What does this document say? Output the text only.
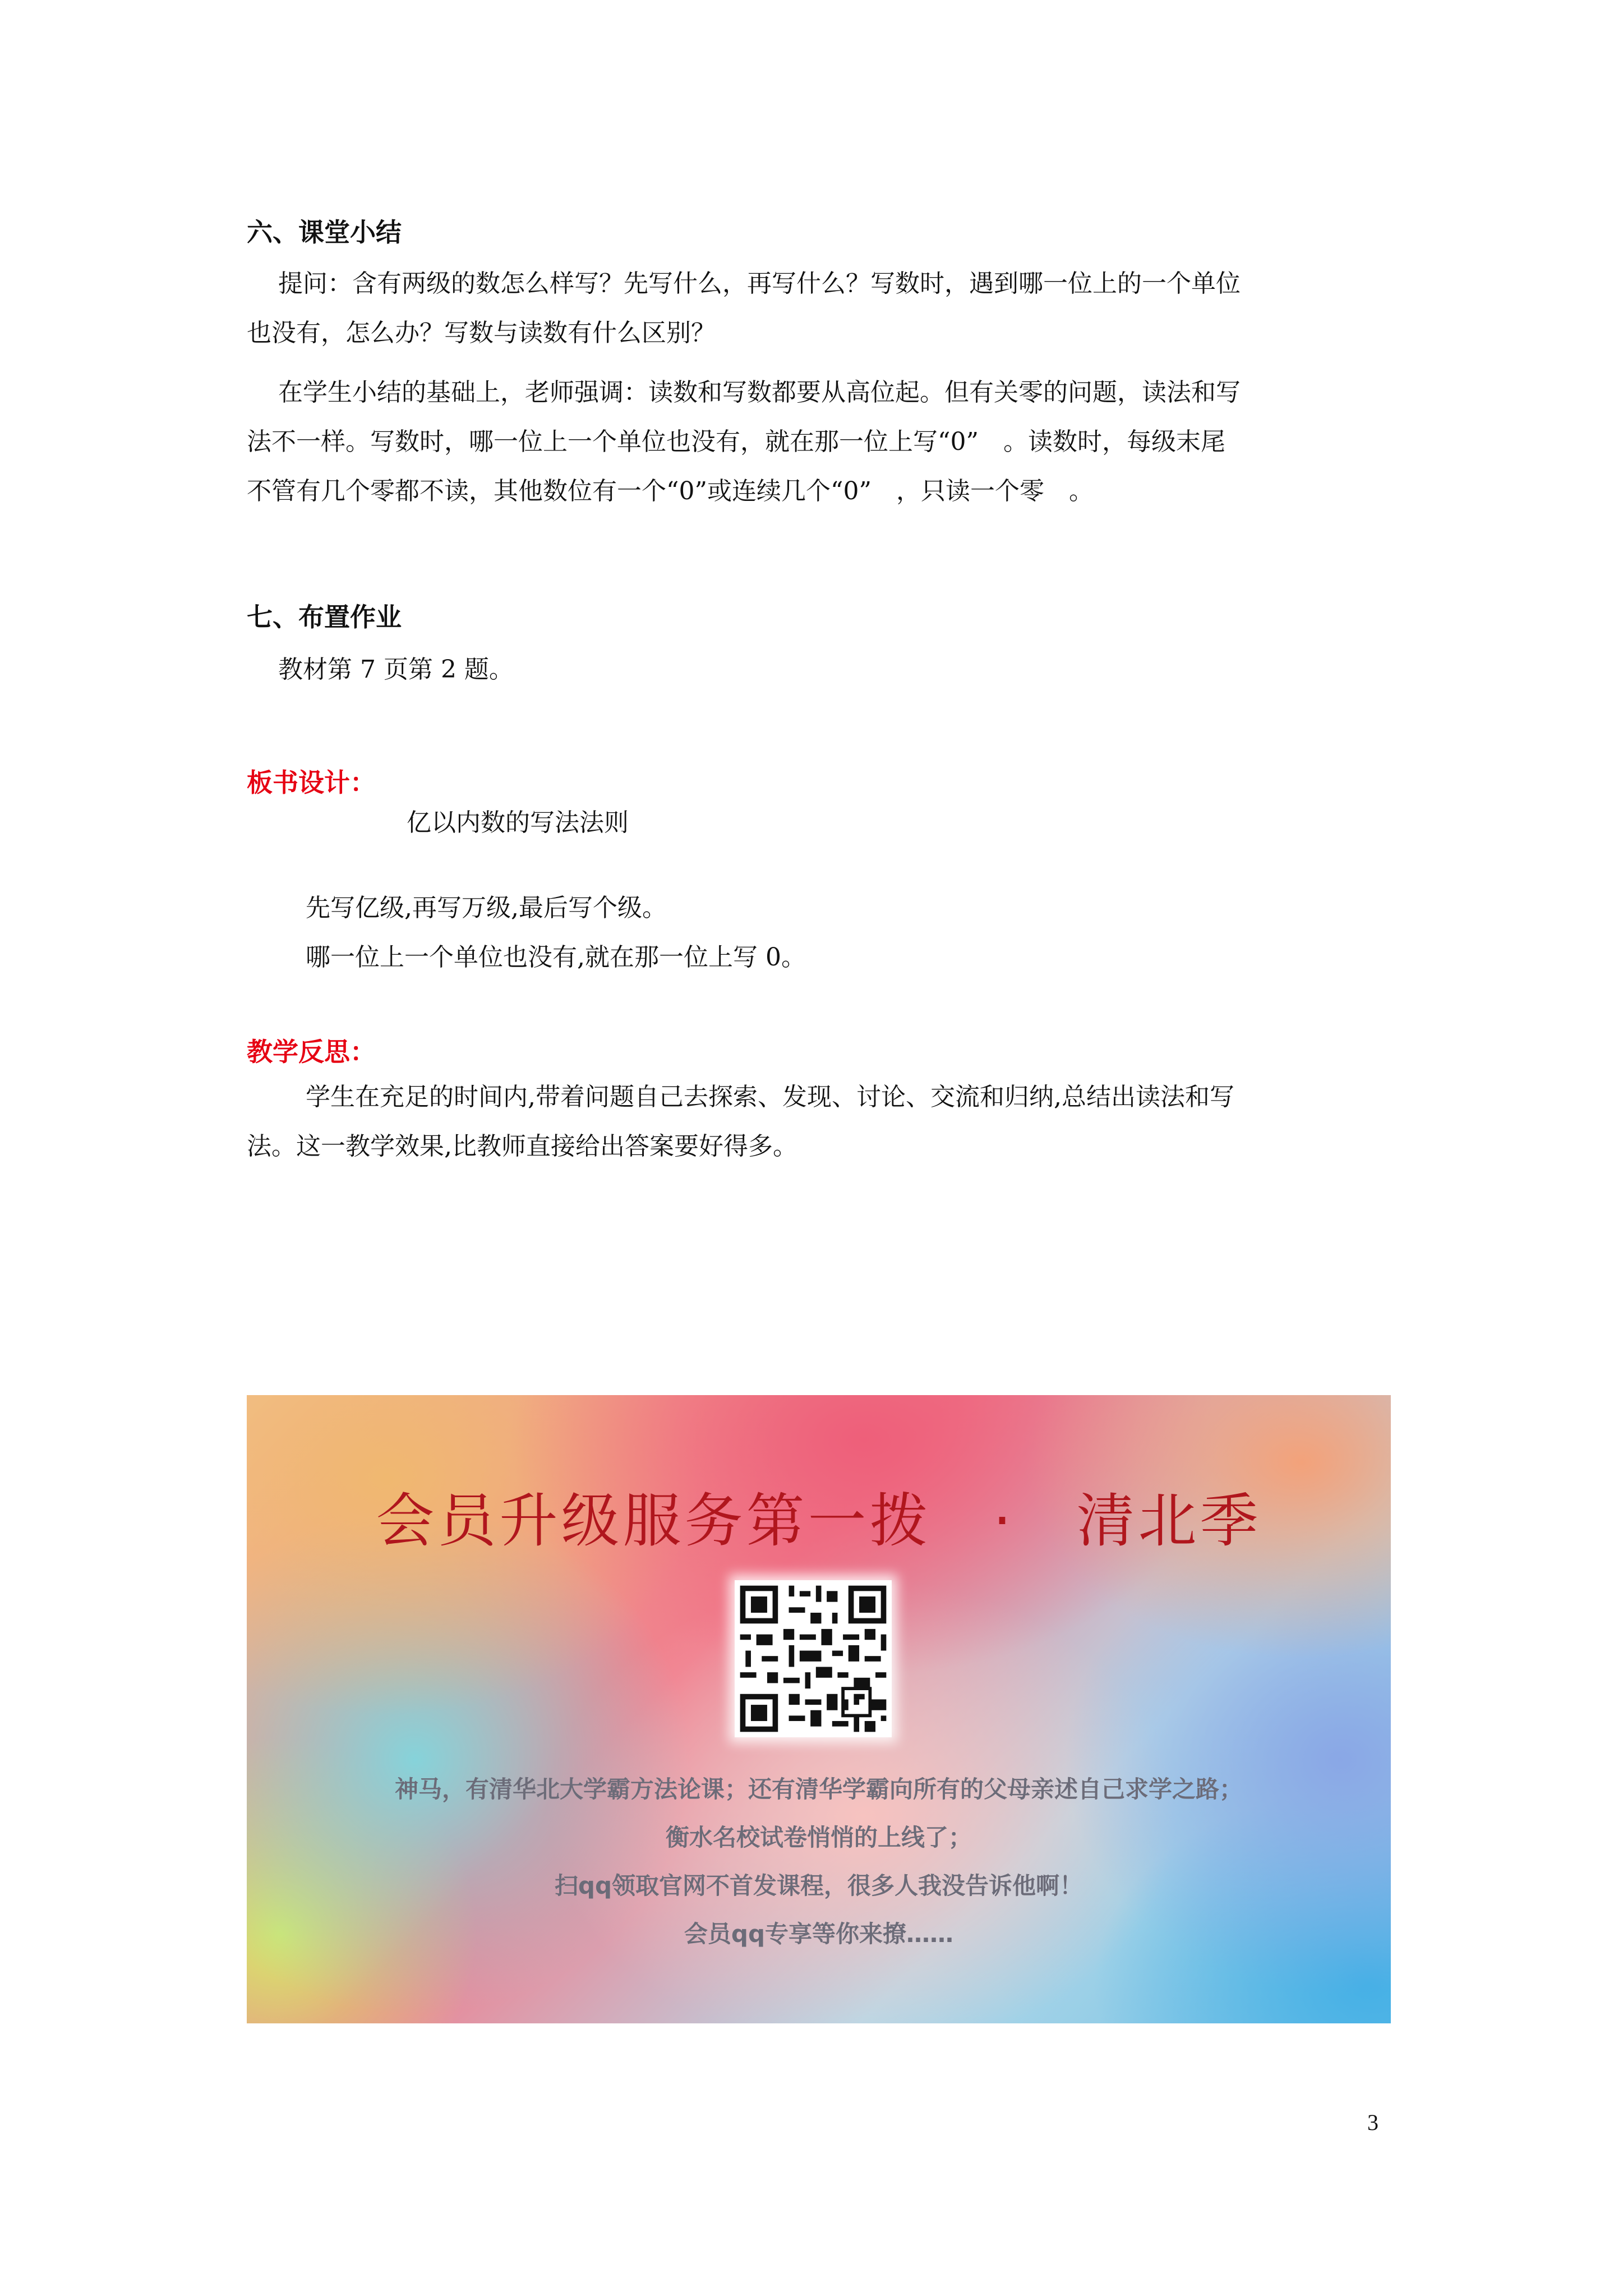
六、课堂小结
提问：含有两级的数怎么样写？先写什么，再写什么？写数时，遇到哪一位上的一个单位
也没有，怎么办？写数与读数有什么区别？
在学生小结的基础上，老师强调：读数和写数都要从高位起。但有关零的问题，读法和写
法不一样。写数时，哪一位上一个单位也没有，就在那一位上写“0”　。读数时，每级末尾
不管有几个零都不读，其他数位有一个“0”或连续几个“0”　，只读一个零　。
七、布置作业
教材第 7 页第 2 题。
板书设计：
亿以内数的写法法则
先写亿级,再写万级,最后写个级。
哪一位上一个单位也没有,就在那一位上写 0。
教学反思：
学生在充足的时间内,带着问题自己去探索、发现、讨论、交流和归纳,总结出读法和写
法。这一教学效果,比教师直接给出答案要好得多。
会员升级服务第一拨　·　清北季
神马，有清华北大学霸方法论课；还有清华学霸向所有的父母亲述自己求学之路；
衡水名校试卷悄悄的上线了；
扫qq领取官网不首发课程，很多人我没告诉他啊！
会员qq专享等你来撩……
3
